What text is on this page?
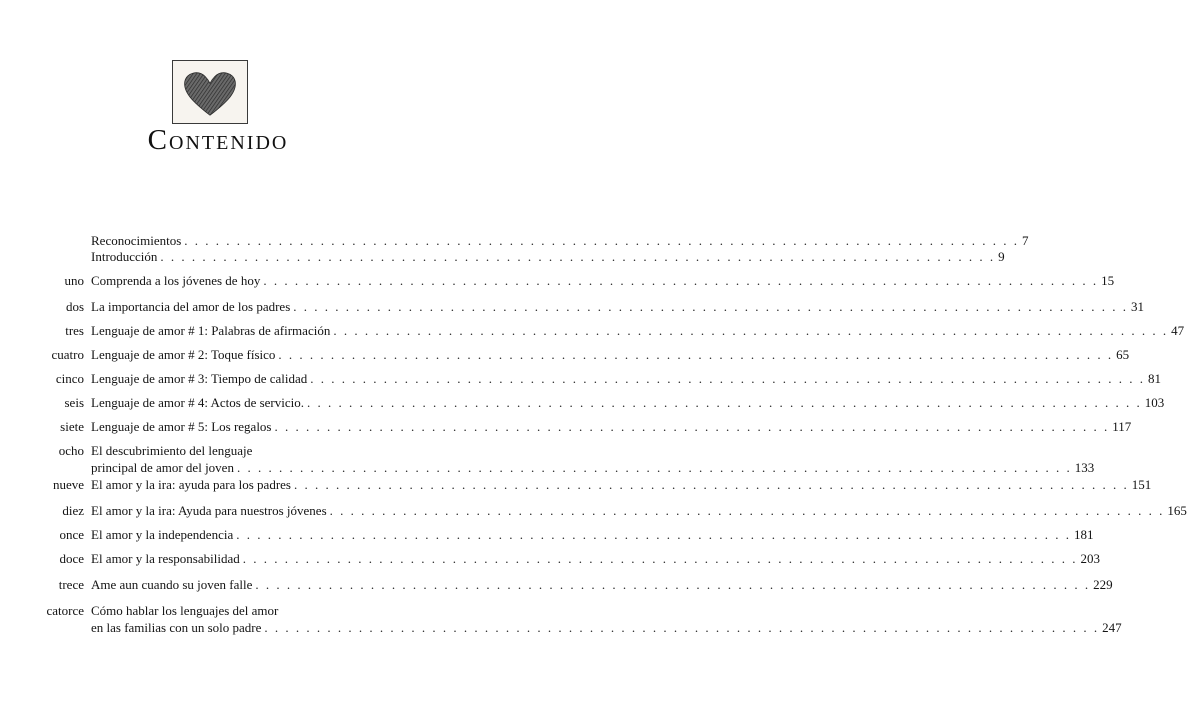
Contenido
Reconocimientos . . . . . . . . . . . . . . . . . . . . . . . . . . . . . . . . . . . . . . . . . . . . . . . . . . . . . . . . . . . . . . . . . . . . . . . . . . . . . . . . 7
Introducción . . . . . . . . . . . . . . . . . . . . . . . . . . . . . . . . . . . . . . . . . . . . . . . . . . . . . . . . . . . . . . . . . . . . . . . . . . . . . . . . 9
uno Comprenda a los jóvenes de hoy . . . . . . . . . . . . . . . . . . . . . . . . . . . . . . . . . . . . . . . . . . . . . . . . . . . . . . . . . . . . . . . . . . . . . . . . . . . . . . . . 15
dos La importancia del amor de los padres . . . . . . . . . . . . . . . . . . . . . . . . . . . . . . . . . . . . . . . . . . . . . . . . . . . . . . . . . . . . . . . . . . . . . . . . . . . . . . . . 31
tres Lenguaje de amor # 1: Palabras de afirmación . . . . . . . . . . . . . . . . . . . . . . . . . . . . . . . . . . . . . . . . . . . . . . . . . . . . . . . . . . . . . . . . . . . . . . . . . . . . . . . . 47
cuatro Lenguaje de amor # 2: Toque físico . . . . . . . . . . . . . . . . . . . . . . . . . . . . . . . . . . . . . . . . . . . . . . . . . . . . . . . . . . . . . . . . . . . . . . . . . . . . . . . . 65
cinco Lenguaje de amor # 3: Tiempo de calidad . . . . . . . . . . . . . . . . . . . . . . . . . . . . . . . . . . . . . . . . . . . . . . . . . . . . . . . . . . . . . . . . . . . . . . . . . . . . . . . . 81
seis Lenguaje de amor # 4: Actos de servicio. . . . . . . . . . . . . . . . . . . . . . . . . . . . . . . . . . . . . . . . . . . . . . . . . . . . . . . . . . . . . . . . . . . . . . . . . . . . . . . . . 103
siete Lenguaje de amor # 5: Los regalos . . . . . . . . . . . . . . . . . . . . . . . . . . . . . . . . . . . . . . . . . . . . . . . . . . . . . . . . . . . . . . . . . . . . . . . . . . . . . . . . 117
ocho El descubrimiento del lenguaje
principal de amor del joven . . . . . . . . . . . . . . . . . . . . . . . . . . . . . . . . . . . . . . . . . . . . . . . . . . . . . . . . . . . . . . . . . . . . . . . . . . . . . . . . 133
nueve El amor y la ira: ayuda para los padres . . . . . . . . . . . . . . . . . . . . . . . . . . . . . . . . . . . . . . . . . . . . . . . . . . . . . . . . . . . . . . . . . . . . . . . . . . . . . . . . 151
diez El amor y la ira: Ayuda para nuestros jóvenes . . . . . . . . . . . . . . . . . . . . . . . . . . . . . . . . . . . . . . . . . . . . . . . . . . . . . . . . . . . . . . . . . . . . . . . . . . . . . . . . 165
once El amor y la independencia . . . . . . . . . . . . . . . . . . . . . . . . . . . . . . . . . . . . . . . . . . . . . . . . . . . . . . . . . . . . . . . . . . . . . . . . . . . . . . . . 181
doce El amor y la responsabilidad . . . . . . . . . . . . . . . . . . . . . . . . . . . . . . . . . . . . . . . . . . . . . . . . . . . . . . . . . . . . . . . . . . . . . . . . . . . . . . . . 203
trece Ame aun cuando su joven falle . . . . . . . . . . . . . . . . . . . . . . . . . . . . . . . . . . . . . . . . . . . . . . . . . . . . . . . . . . . . . . . . . . . . . . . . . . . . . . . . 229
catorce Cómo hablar los lenguajes del amor
en las familias con un solo padre . . . . . . . . . . . . . . . . . . . . . . . . . . . . . . . . . . . . . . . . . . . . . . . . . . . . . . . . . . . . . . . . . . . . . . . . . . . . . . . . 247
